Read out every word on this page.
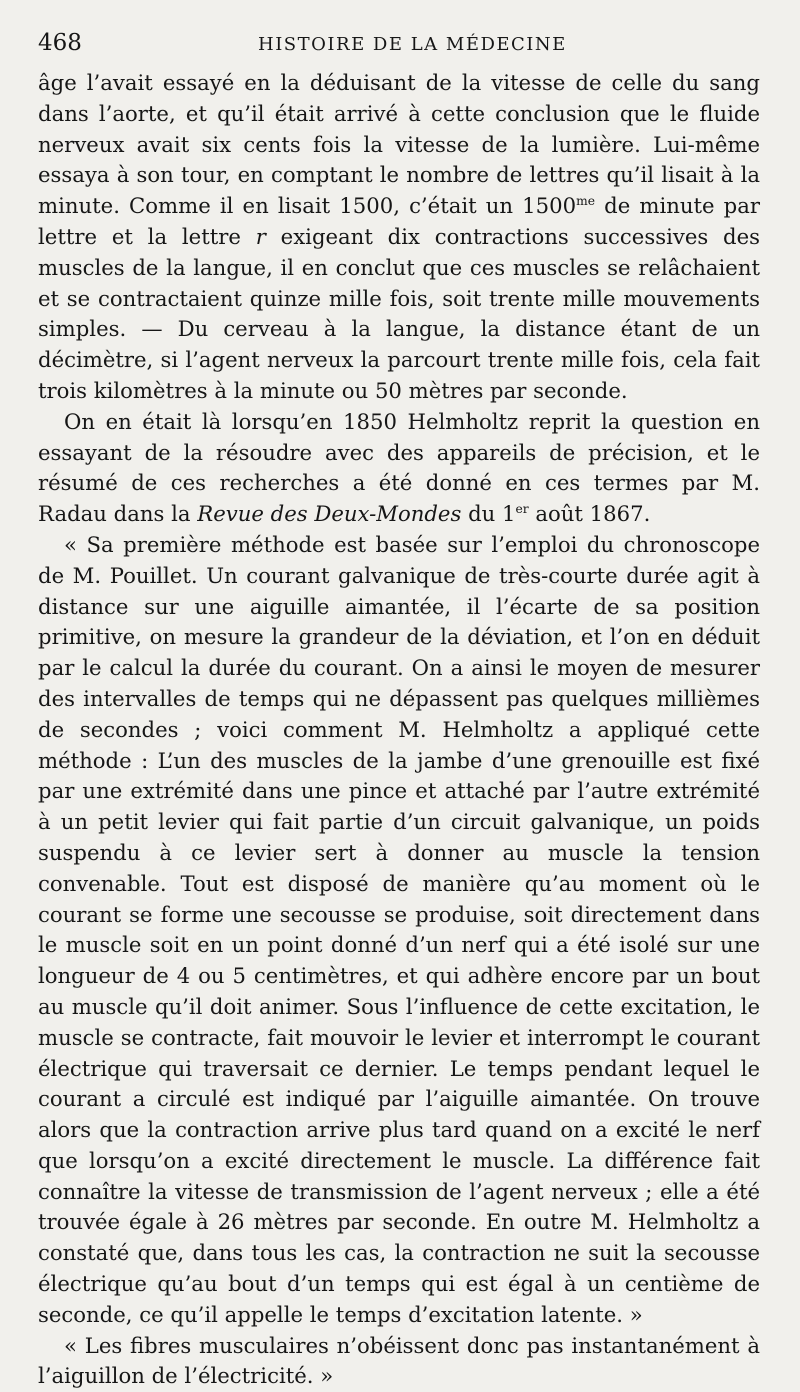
468	HISTOIRE DE LA MÉDECINE

âge l’avait essayé en la déduisant de la vitesse de celle du sang dans l’aorte, et qu’il était arrivé à cette conclusion que le fluide nerveux avait six cents fois la vitesse de la lumière. Lui-même essaya à son tour, en comptant le nombre de lettres qu’il lisait à la minute. Comme il en lisait 1500, c’était un $1500^{me}$ de minute par lettre et la lettre r exigeant dix contractions successives des muscles de la langue, il en conclut que ces muscles se relâchaient et se contractaient quinze mille fois, soit trente mille mouvements simples. — Du cerveau à la langue, la distance étant de un décimètre, si l’agent nerveux la parcourt trente mille fois, cela fait trois kilomètres à la minute ou 50 mètres par seconde.

On en était là lorsqu’en 1850 Helmholtz reprit la question en essayant de la résoudre avec des appareils de précision, et le résumé de ces recherches a été donné en ces termes par M. Radau dans la Revue des Deux-Mondes du 1er août 1867.

« Sa première méthode est basée sur l’emploi du chronoscope de M. Pouillet. Un courant galvanique de très-courte durée agit à distance sur une aiguille aimantée, il l’écarte de sa position primitive, on mesure la grandeur de la déviation, et l’on en déduit par le calcul la durée du courant. On a ainsi le moyen de mesurer des intervalles de temps qui ne dépassent pas quelques millièmes de secondes ; voici comment M. Helmholtz a appliqué cette méthode : L’un des muscles de la jambe d’une grenouille est fixé par une extrémité dans une pince et attaché par l’autre extrémité à un petit levier qui fait partie d’un circuit galvanique, un poids suspendu à ce levier sert à donner au muscle la tension convenable. Tout est disposé de manière qu’au moment où le courant se forme une secousse se produise, soit directement dans le muscle soit en un point donné d’un nerf qui a été isolé sur une longueur de 4 ou 5 centimètres, et qui adhère encore par un bout au muscle qu’il doit animer. Sous l’influence de cette excitation, le muscle se contracte, fait mouvoir le levier et interrompt le courant électrique qui traversait ce dernier. Le temps pendant lequel le courant a circulé est indiqué par l’aiguille aimantée. On trouve alors que la contraction arrive plus tard quand on a excité le nerf que lorsqu’on a excité directement le muscle. La différence fait connaître la vitesse de transmission de l’agent nerveux ; elle a été trouvée égale à 26 mètres par seconde. En outre M. Helmholtz a constaté que, dans tous les cas, la contraction ne suit la secousse électrique qu’au bout d’un temps qui est égal à un centième de seconde, ce qu’il appelle le temps d’excitation latente. »

« Les fibres musculaires n’obéissent donc pas instantanément à l’aiguillon de l’électricité. »
